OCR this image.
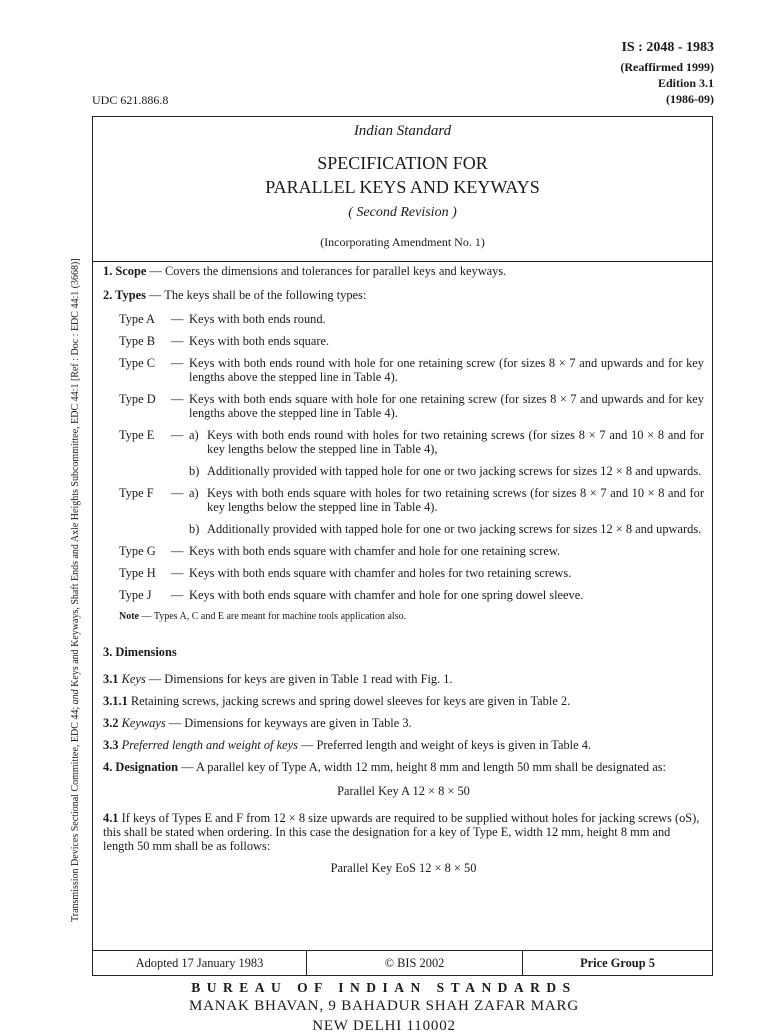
IS : 2048 - 1983
(Reaffirmed 1999)
Edition 3.1
(1986-09)
UDC 621.886.8
Transmission Devices Sectional Committee, EDC 44; and Keys and Keyways, Shaft Ends and Axle Heights Subcommittee, EDC 44:1 [Ref : Doc : EDC 44:1 (3668)]
Indian Standard
SPECIFICATION FOR
PARALLEL KEYS AND KEYWAYS
( Second Revision )
(Incorporating Amendment No. 1)

1. Scope — Covers the dimensions and tolerances for parallel keys and keyways.

2. Types — The keys shall be of the following types:

Type A	— Keys with both ends round.
Type B	— Keys with both ends square.
Type C	— Keys with both ends round with hole for one retaining screw (for sizes 8 × 7 and upwards and for key lengths above the stepped line in Table 4).
Type D	— Keys with both ends square with hole for one retaining screw (for sizes 8 × 7 and upwards and for key lengths above the stepped line in Table 4).
Type E	— a) Keys with both ends round with holes for two retaining screws (for sizes 8 × 7 and 10 × 8 and for key lengths below the stepped line in Table 4),
b) Additionally provided with tapped hole for one or two jacking screws for sizes 12 × 8 and upwards.
Type F	— a) Keys with both ends square with holes for two retaining screws (for sizes 8 × 7 and 10 × 8 and for key lengths below the stepped line in Table 4).
b) Additionally provided with tapped hole for one or two jacking screws for sizes 12 × 8 and upwards.
Type G	— Keys with both ends square with chamfer and hole for one retaining screw.
Type H	— Keys with both ends square with chamfer and holes for two retaining screws.
Type J	— Keys with both ends square with chamfer and hole for one spring dowel sleeve.

Note — Types A, C and E are meant for machine tools application also.

3. Dimensions

3.1 Keys — Dimensions for keys are given in Table 1 read with Fig. 1.

3.1.1 Retaining screws, jacking screws and spring dowel sleeves for keys are given in Table 2.

3.2 Keyways — Dimensions for keyways are given in Table 3.

3.3 Preferred length and weight of keys — Preferred length and weight of keys is given in Table 4.

4. Designation — A parallel key of Type A, width 12 mm, height 8 mm and length 50 mm shall be designated as:

Parallel Key A 12 × 8 × 50

4.1 If keys of Types E and F from 12 × 8 size upwards are required to be supplied without holes for jacking screws (oS), this shall be stated when ordering. In this case the designation for a key of Type E, width 12 mm, height 8 mm and length 50 mm shall be as follows:

Parallel Key EoS 12 × 8 × 50

Adopted 17 January 1983	© BIS 2002	Price Group 5
BUREAU OF INDIAN STANDARDS
MANAK BHAVAN, 9 BAHADUR SHAH ZAFAR MARG
NEW DELHI 110002
